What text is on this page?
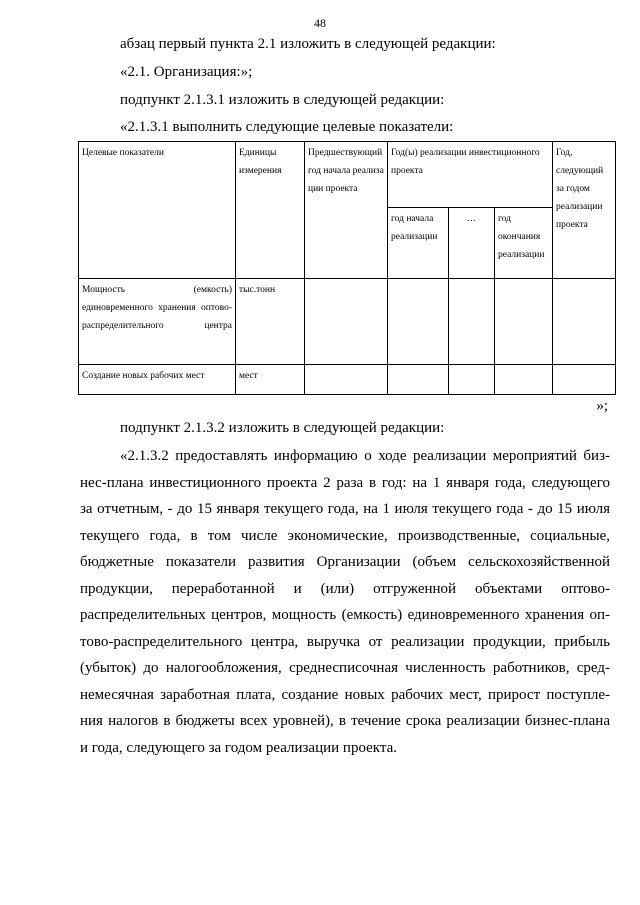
48
абзац первый пункта 2.1 изложить в следующей редакции:
«2.1. Организация:»;
подпункт 2.1.3.1 изложить в следующей редакции:
«2.1.3.1 выполнить следующие целевые показатели:
Целевые показатели	Единицы измерения	Предшествующий год начала реализации проекта	Год(ы) реализации инвестиционного проекта			Год, следующий за годом реализации проекта
			год начала реализации	…	год окончания реализации	
Мощность (емкость) единовременного хранения оптово-распределительного центра	тыс.тонн					
Создание новых рабочих мест	мест					
»;
подпункт 2.1.3.2 изложить в следующей редакции:
«2.1.3.2 предоставлять информацию о ходе реализации мероприятий биз-
нес-плана инвестиционного проекта 2 раза в год: на 1 января года, следующего
за отчетным, - до 15 января текущего года, на 1 июля текущего года - до 15 июля
текущего года, в том числе экономические, производственные, социальные,
бюджетные показатели развития Организации (объем сельскохозяйственной
продукции, переработанной и (или) отгруженной объектами оптово-
распределительных центров, мощность (емкость) единовременного хранения оп-
тово-распределительного центра, выручка от реализации продукции, прибыль
(убыток) до налогообложения, среднесписочная численность работников, сред-
немесячная заработная плата, создание новых рабочих мест, прирост поступле-
ния налогов в бюджеты всех уровней), в течение срока реализации бизнес-плана
и года, следующего за годом реализации проекта.
